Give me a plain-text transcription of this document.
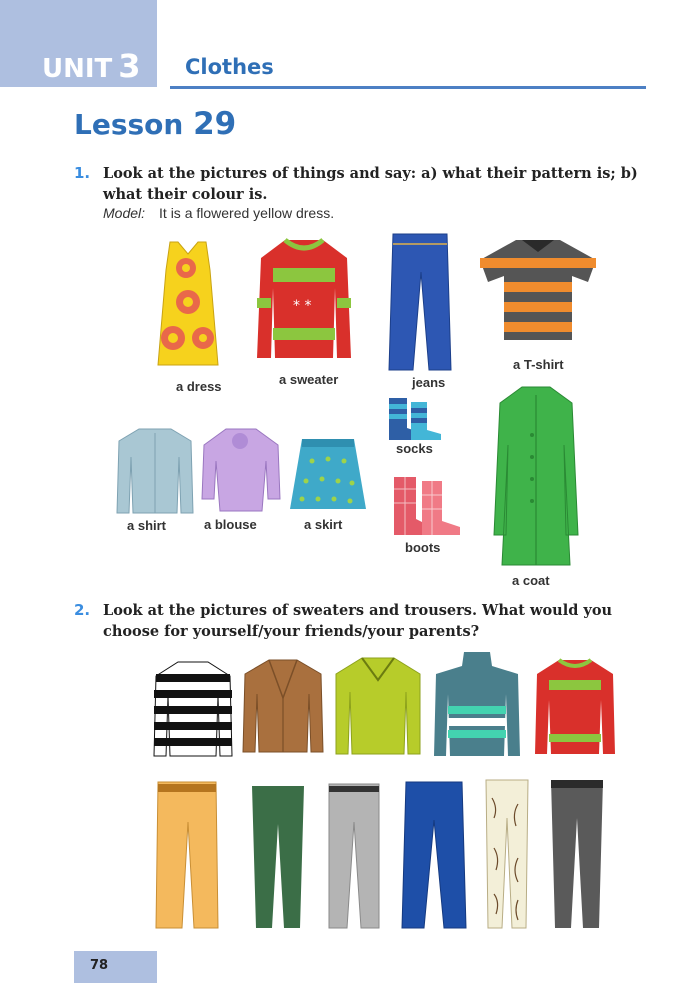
UNIT 3 Clothes
Lesson 29
1. Look at the pictures of things and say: a) what their pattern is; b) what their colour is.
Model: It is a flowered yellow dress.
* *
a dress	a sweater	jeans
a T-shirt
socks
a shirt	a blouse	a skirt
boots
a coat
2. Look at the pictures of sweaters and trousers. What would you choose for yourself/your friends/your parents?
78
